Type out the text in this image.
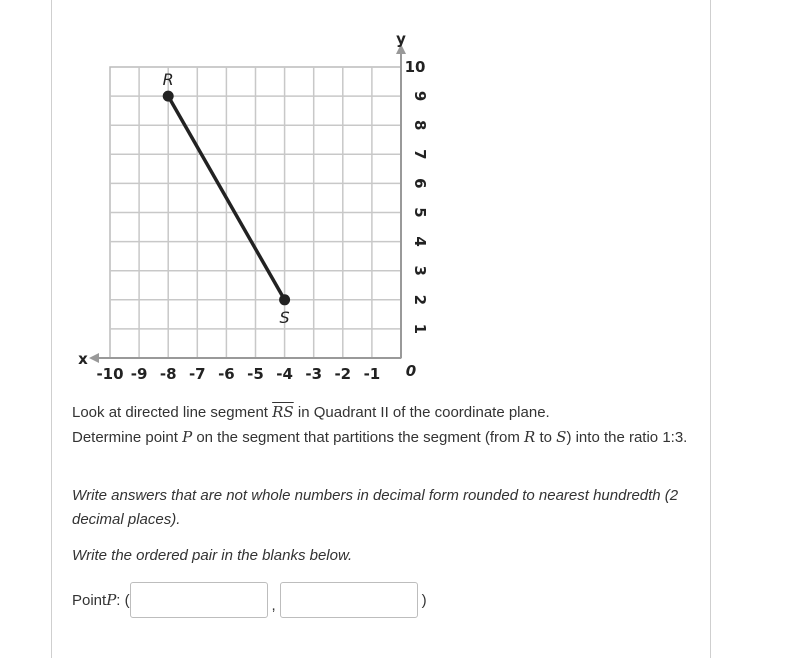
y
x
0
-10 -9 -8 -7 -6 -5 -4 -3 -2 -1
10
9
8
7
6
5
4
3
2
1
R
S
Look at directed line segment $\overline{RS}$ in Quadrant II of the coordinate plane.
Determine point P on the segment that partitions the segment (from R to S) into the ratio 1:3.
Write answers that are not whole numbers in decimal form rounded to nearest hundredth (2 decimal places).
Write the ordered pair in the blanks below.
Point P : (	,	)
